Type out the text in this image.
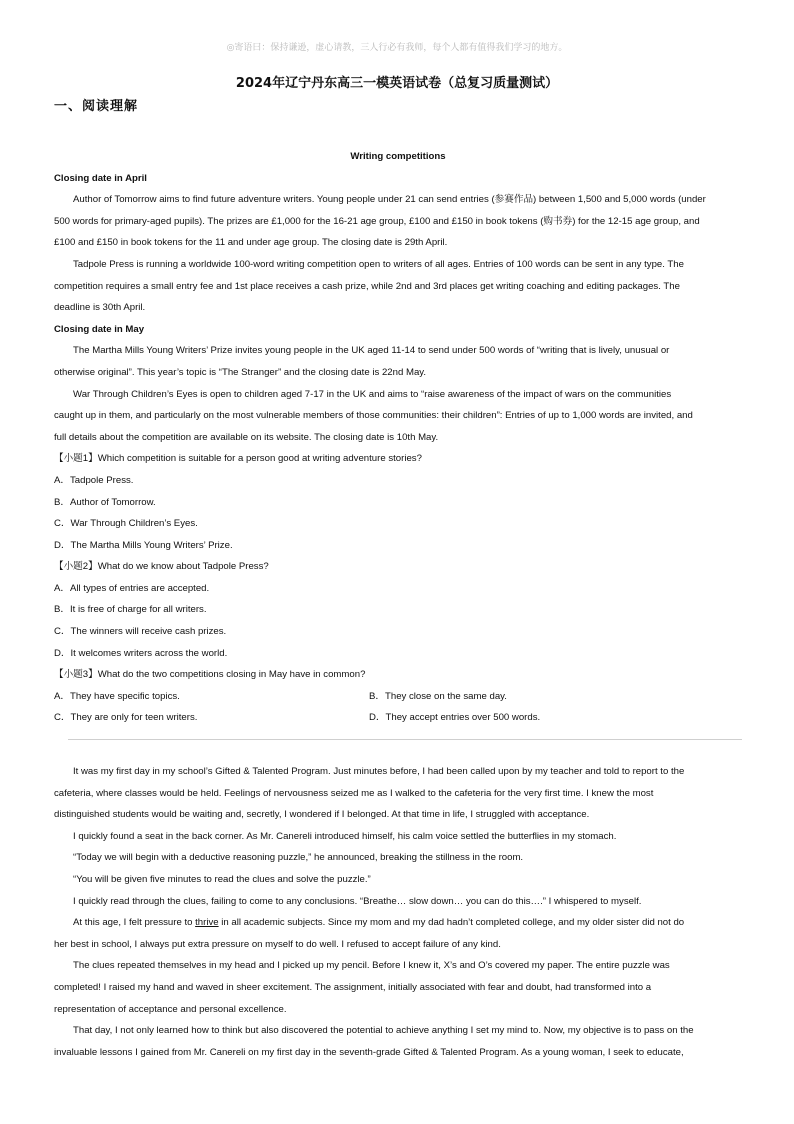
◎寄语曰：保持谦逊，虚心请教，三人行必有我师，每个人都有值得我们学习的地方。
2024年辽宁丹东高三一模英语试卷（总复习质量测试）
一、阅读理解
Writing competitions
Closing date in April
Author of Tomorrow aims to find future adventure writers. Young people under 21 can send entries (参赛作品) between 1,500 and 5,000 words (under
500 words for primary-aged pupils). The prizes are £1,000 for the 16-21 age group, £100 and £150 in book tokens (购书券) for the 12-15 age group, and
£100 and £150 in book tokens for the 11 and under age group. The closing date is 29th April.
Tadpole Press is running a worldwide 100-word writing competition open to writers of all ages. Entries of 100 words can be sent in any type. The
competition requires a small entry fee and 1st place receives a cash prize, while 2nd and 3rd places get writing coaching and editing packages. The
deadline is 30th April.
Closing date in May
The Martha Mills Young Writers’ Prize invites young people in the UK aged 11-14 to send under 500 words of “writing that is lively, unusual or
otherwise original”. This year’s topic is “The Stranger” and the closing date is 22nd May.
War Through Children’s Eyes is open to children aged 7-17 in the UK and aims to “raise awareness of the impact of wars on the communities
caught up in them, and particularly on the most vulnerable members of those communities: their children”: Entries of up to 1,000 words are invited, and
full details about the competition are available on its website. The closing date is 10th May.
【小题1】Which competition is suitable for a person good at writing adventure stories?
A．Tadpole Press.
B．Author of Tomorrow.
C．War Through Children’s Eyes.
D．The Martha Mills Young Writers’ Prize.
【小题2】What do we know about Tadpole Press?
A．All types of entries are accepted.
B．It is free of charge for all writers.
C．The winners will receive cash prizes.
D．It welcomes writers across the world.
【小题3】What do the two competitions closing in May have in common?
A．They have specific topics.	B．They close on the same day.
C．They are only for teen writers.	D．They accept entries over 500 words.
It was my first day in my school’s Gifted & Talented Program. Just minutes before, I had been called upon by my teacher and told to report to the
cafeteria, where classes would be held. Feelings of nervousness seized me as I walked to the cafeteria for the very first time. I knew the most
distinguished students would be waiting and, secretly, I wondered if I belonged. At that time in life, I struggled with acceptance.
I quickly found a seat in the back corner. As Mr. Canereli introduced himself, his calm voice settled the butterflies in my stomach.
“Today we will begin with a deductive reasoning puzzle,” he announced, breaking the stillness in the room.
“You will be given five minutes to read the clues and solve the puzzle.”
I quickly read through the clues, failing to come to any conclusions. “Breathe… slow down… you can do this….” I whispered to myself.
At this age, I felt pressure to thrive in all academic subjects. Since my mom and my dad hadn’t completed college, and my older sister did not do
her best in school, I always put extra pressure on myself to do well. I refused to accept failure of any kind.
The clues repeated themselves in my head and I picked up my pencil. Before I knew it, X’s and O’s covered my paper. The entire puzzle was
completed! I raised my hand and waved in sheer excitement. The assignment, initially associated with fear and doubt, had transformed into a
representation of acceptance and personal excellence.
That day, I not only learned how to think but also discovered the potential to achieve anything I set my mind to. Now, my objective is to pass on the
invaluable lessons I gained from Mr. Canereli on my first day in the seventh-grade Gifted & Talented Program. As a young woman, I seek to educate,
